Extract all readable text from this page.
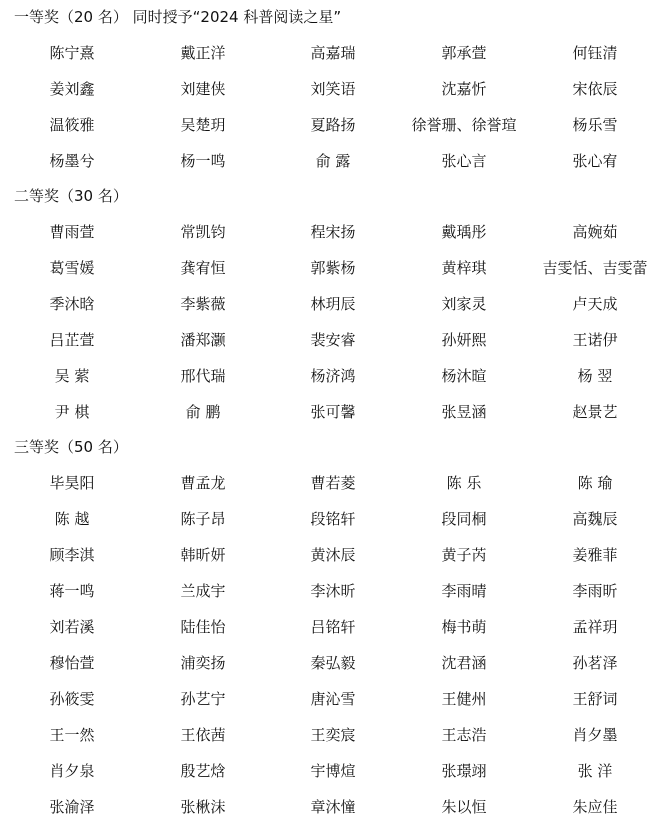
一等奖（20 名） 同时授予“2024 科普阅读之星”
陈宁熹	戴正洋	高嘉瑞	郭承萱	何钰清
姜刘鑫	刘建侠	刘笑语	沈嘉忻	宋依辰
温筱雅	吴楚玥	夏路扬	徐誉珊、徐誉瑄	杨乐雪
杨墨兮	杨一鸣	俞 露	张心言	张心宥
二等奖（30 名）
曹雨萱	常凯钧	程宋扬	戴瑀彤	高婉茹
葛雪媛	龚宥恒	郭紫杨	黄梓琪	吉雯恬、吉雯蕾
季沐晗	李紫薇	林玥辰	刘家灵	卢天成
吕芷萱	潘郑灏	裴安睿	孙妍熙	王诺伊
吴 萦	邢代瑞	杨济鸿	杨沐暄	杨 翌
尹 棋	俞 鹏	张可馨	张昱涵	赵景艺
三等奖（50 名）
毕昊阳	曹孟龙	曹若菱	陈 乐	陈 瑜
陈 越	陈子昂	段铭轩	段同桐	高魏辰
顾李淇	韩昕妍	黄沐辰	黄子芮	姜雅菲
蒋一鸣	兰成宇	李沐昕	李雨晴	李雨昕
刘若溪	陆佳怡	吕铭轩	梅书萌	孟祥玥
穆怡萱	浦奕扬	秦弘毅	沈君涵	孙茗泽
孙筱雯	孙艺宁	唐沁雪	王健州	王舒词
王一然	王依茜	王奕宸	王志浩	肖夕墨
肖夕泉	殷艺焓	宇博煊	张璟翊	张 洋
张渝泽	张楸沫	章沐憧	朱以恒	朱应佳
